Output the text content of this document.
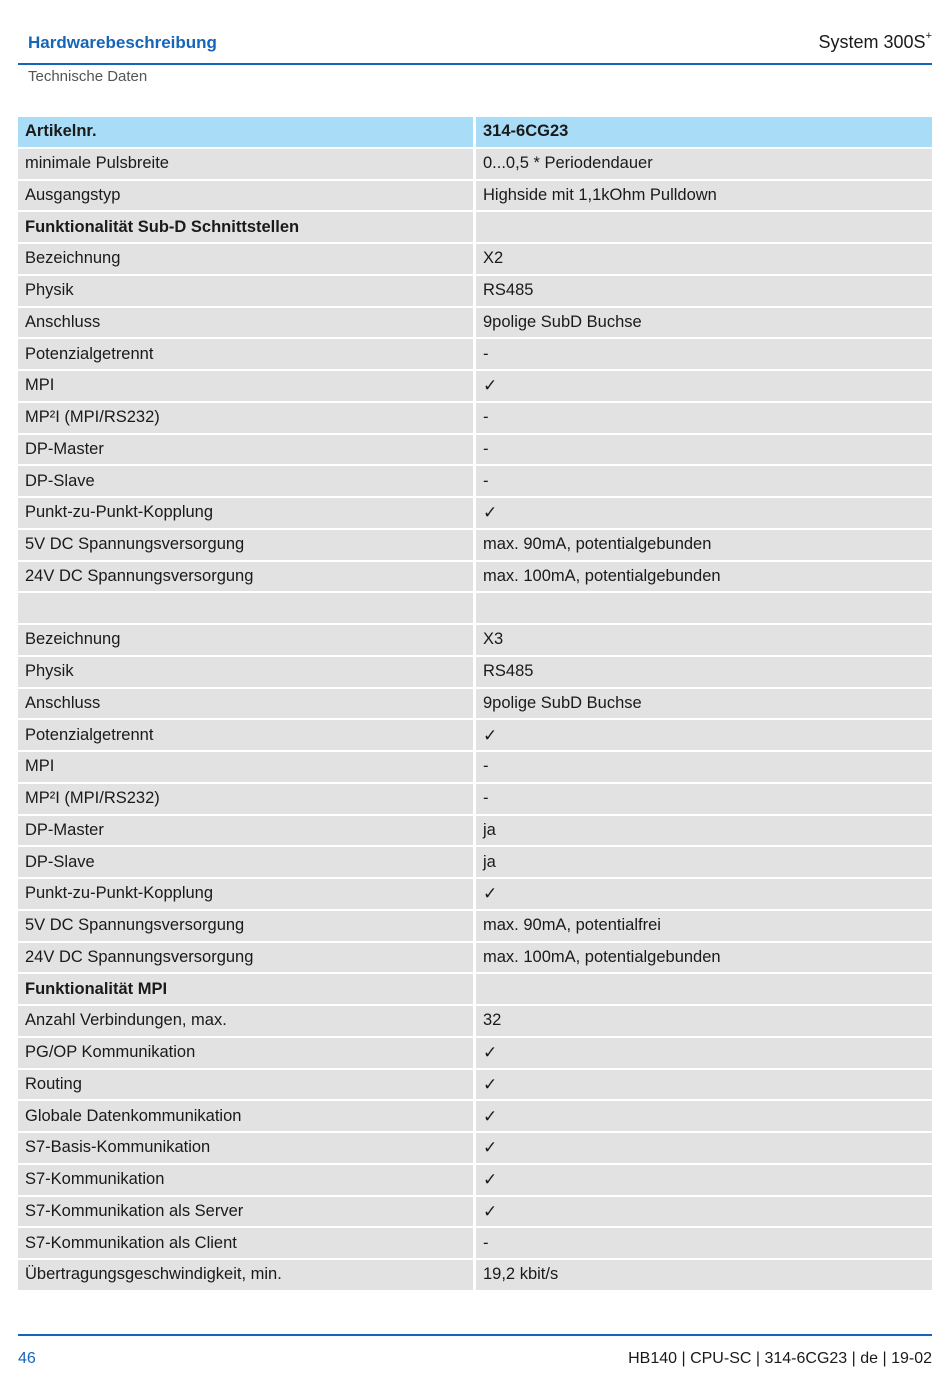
Hardwarebeschreibung	System 300S+
Technische Daten
Artikelnr.	314-6CG23
minimale Pulsbreite	0...0,5 * Periodendauer
Ausgangstyp	Highside mit 1,1kOhm Pulldown
Funktionalität Sub-D Schnittstellen
Bezeichnung	X2
Physik	RS485
Anschluss	9polige SubD Buchse
Potenzialgetrennt	-
MPI	✓
MP²I (MPI/RS232)	-
DP-Master	-
DP-Slave	-
Punkt-zu-Punkt-Kopplung	✓
5V DC Spannungsversorgung	max. 90mA, potentialgebunden
24V DC Spannungsversorgung	max. 100mA, potentialgebunden
Bezeichnung	X3
Physik	RS485
Anschluss	9polige SubD Buchse
Potenzialgetrennt	✓
MPI	-
MP²I (MPI/RS232)	-
DP-Master	ja
DP-Slave	ja
Punkt-zu-Punkt-Kopplung	✓
5V DC Spannungsversorgung	max. 90mA, potentialfrei
24V DC Spannungsversorgung	max. 100mA, potentialgebunden
Funktionalität MPI
Anzahl Verbindungen, max.	32
PG/OP Kommunikation	✓
Routing	✓
Globale Datenkommunikation	✓
S7-Basis-Kommunikation	✓
S7-Kommunikation	✓
S7-Kommunikation als Server	✓
S7-Kommunikation als Client	-
Übertragungsgeschwindigkeit, min.	19,2 kbit/s
46	HB140 | CPU-SC | 314-6CG23 | de | 19-02
